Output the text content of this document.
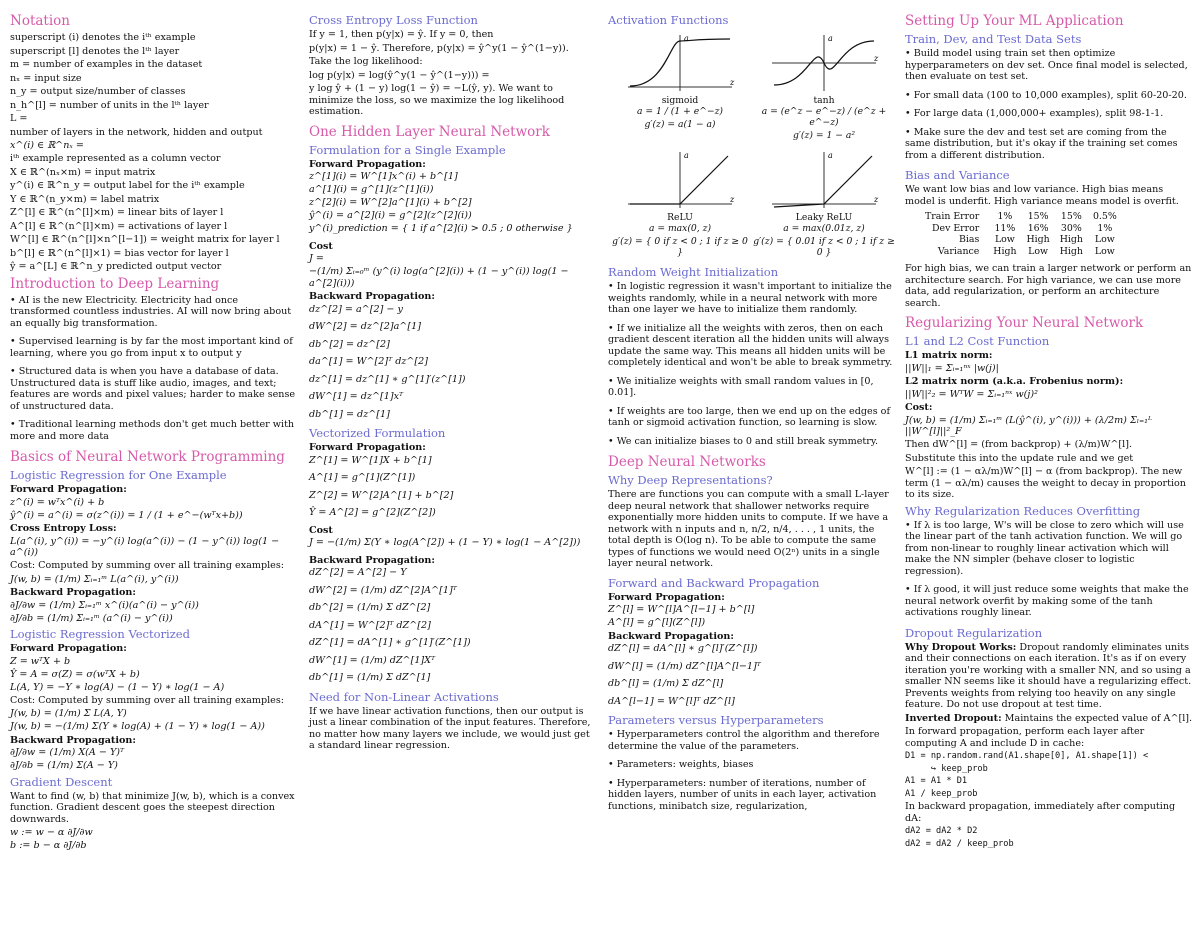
Notation
superscript (i) denotes the iᵗʰ example
superscript [l] denotes the lᵗʰ layer
m = number of examples in the dataset
nₓ = input size
n_y = output size/number of classes
n_h^[l] = number of units in the lᵗʰ layer
L =
number of layers in the network, hidden and output
x^(i) ∈ ℝ^nₓ =
iᵗʰ example represented as a column vector
X ∈ ℝ^(nₓ×m) = input matrix
y^(i) ∈ ℝ^n_y = output label for the iᵗʰ example
Y ∈ ℝ^(n_y×m) = label matrix
Z^[l] ∈ ℝ^(n^[l]×m) = linear bits of layer l
A^[l] ∈ ℝ^(n^[l]×m) = activations of layer l
W^[l] ∈ ℝ^(n^[l]×n^[l−1]) = weight matrix for layer l
b^[l] ∈ ℝ^(n^[l]×1) = bias vector for layer l
ŷ = a^[L] ∈ ℝ^n_y predicted output vector
Introduction to Deep Learning
• AI is the new Electricity. Electricity had once transformed countless industries. AI will now bring about an equally big transformation.
• Supervised learning is by far the most important kind of learning, where you go from input x to output y
• Structured data is when you have a database of data. Unstructured data is stuff like audio, images, and text; features are words and pixel values; harder to make sense of unstructured data.
• Traditional learning methods don't get much better with more and more data
Basics of Neural Network Programming
Logistic Regression for One Example
Forward Propagation:
z^(i) = wᵀx^(i) + b
ŷ^(i) = a^(i) = σ(z^(i)) = 1 / (1 + e^−(wᵀx+b))
Cross Entropy Loss:
L(a^(i), y^(i)) = −y^(i) log(a^(i)) − (1 − y^(i)) log(1 − a^(i))
Cost: Computed by summing over all training examples:
J(w, b) = (1/m) Σᵢ₌₁ᵐ L(a^(i), y^(i))
Backward Propagation:
∂J/∂w = (1/m) Σᵢ₌₁ᵐ x^(i)(a^(i) − y^(i))
∂J/∂b = (1/m) Σᵢ₌₁ᵐ (a^(i) − y^(i))
Logistic Regression Vectorized
Forward Propagation:
Z = wᵀX + b
Ŷ = A = σ(Z) = σ(wᵀX + b)
L(A, Y) = −Y ∗ log(A) − (1 − Y) ∗ log(1 − A)
Cost: Computed by summing over all training examples:
J(w, b) = (1/m) Σ L(A, Y)
J(w, b) = −(1/m) Σ(Y ∗ log(A) + (1 − Y) ∗ log(1 − A))
Backward Propagation:
∂J/∂w = (1/m) X(A − Y)ᵀ
∂J/∂b = (1/m) Σ(A − Y)
Gradient Descent
Want to find (w, b) that minimize J(w, b), which is a convex function. Gradient descent goes the steepest direction downwards.
w := w − α ∂J/∂w
b := b − α ∂J/∂b
Cross Entropy Loss Function
If y = 1, then p(y|x) = ŷ. If y = 0, then
p(y|x) = 1 − ŷ. Therefore, p(y|x) = ŷ^y(1 − ŷ^(1−y)).
Take the log likelihood:
log p(y|x) = log(ŷ^y(1 − ŷ^(1−y))) =
y log ŷ + (1 − y) log(1 − ŷ) = −L(ŷ, y). We want to minimize the loss, so we maximize the log likelihood estimation.
One Hidden Layer Neural Network
Formulation for a Single Example
Forward Propagation:
z^[1](i) = W^[1]x^(i) + b^[1]
a^[1](i) = g^[1](z^[1](i))
z^[2](i) = W^[2]a^[1](i) + b^[2]
ŷ^(i) = a^[2](i) = g^[2](z^[2](i))
y^(i)_prediction = { 1 if a^[2](i) > 0.5 ; 0 otherwise }
Cost
J =
−(1/m) Σᵢ₌₀ᵐ (y^(i) log(a^[2](i)) + (1 − y^(i)) log(1 − a^[2](i)))
Backward Propagation:
dz^[2] = a^[2] − y
dW^[2] = dz^[2]a^[1]
db^[2] = dz^[2]
da^[1] = W^[2]ᵀ dz^[2]
dz^[1] = dz^[1] ∗ g^[1]′(z^[1])
dW^[1] = dz^[1]xᵀ
db^[1] = dz^[1]
Vectorized Formulation
Forward Propagation:
Z^[1] = W^[1]X + b^[1]
A^[1] = g^[1](Z^[1])
Z^[2] = W^[2]A^[1] + b^[2]
Ŷ = A^[2] = g^[2](Z^[2])
Cost
J = −(1/m) Σ(Y ∗ log(A^[2]) + (1 − Y) ∗ log(1 − A^[2]))
Backward Propagation:
dZ^[2] = A^[2] − Y
dW^[2] = (1/m) dZ^[2]A^[1]ᵀ
db^[2] = (1/m) Σ dZ^[2]
dA^[1] = W^[2]ᵀ dZ^[2]
dZ^[1] = dA^[1] ∗ g^[1]′(Z^[1])
dW^[1] = (1/m) dZ^[1]Xᵀ
db^[1] = (1/m) Σ dZ^[1]
Need for Non-Linear Activations
If we have linear activation functions, then our output is just a linear combination of the input features. Therefore, no matter how many layers we include, we would just get a standard linear regression.
Activation Functions
a
z
sigmoid
a = 1 / (1 + e^−z)
g′(z) = a(1 − a)
a
z
tanh
a = (e^z − e^−z) / (e^z + e^−z)
g′(z) = 1 − a²
a
z
ReLU
a = max(0, z)
g′(z) = { 0 if z < 0 ; 1 if z ≥ 0 }
a
z
Leaky ReLU
a = max(0.01z, z)
g′(z) = { 0.01 if z < 0 ; 1 if z ≥ 0 }
Random Weight Initialization
• In logistic regression it wasn't important to initialize the weights randomly, while in a neural network with more than one layer we have to initialize them randomly.
• If we initialize all the weights with zeros, then on each gradient descent iteration all the hidden units will always update the same way. This means all hidden units will be completely identical and won't be able to break symmetry.
• We initialize weights with small random values in [0, 0.01].
• If weights are too large, then we end up on the edges of tanh or sigmoid activation function, so learning is slow.
• We can initialize biases to 0 and still break symmetry.
Deep Neural Networks
Why Deep Representations?
There are functions you can compute with a small L-layer deep neural network that shallower networks require exponentially more hidden units to compute. If we have a network with n inputs and n, n/2, n/4, . . . , 1 units, the total depth is O(log n). To be able to compute the same types of functions we would need O(2ⁿ) units in a single layer neural network.
Forward and Backward Propagation
Forward Propagation:
Z^[l] = W^[l]A^[l−1] + b^[l]
A^[l] = g^[l](Z^[l])
Backward Propagation:
dZ^[l] = dA^[l] ∗ g^[l]′(Z^[l])
dW^[l] = (1/m) dZ^[l]A^[l−1]ᵀ
db^[l] = (1/m) Σ dZ^[l]
dA^[l−1] = W^[l]ᵀ dZ^[l]
Parameters versus Hyperparameters
• Hyperparameters control the algorithm and therefore determine the value of the parameters.
• Parameters: weights, biases
• Hyperparameters: number of iterations, number of hidden layers, number of units in each layer, activation functions, minibatch size, regularization,
Setting Up Your ML Application
Train, Dev, and Test Data Sets
• Build model using train set then optimize hyperparameters on dev set. Once final model is selected, then evaluate on test set.
• For small data (100 to 10,000 examples), split 60-20-20.
• For large data (1,000,000+ examples), split 98-1-1.
• Make sure the dev and test set are coming from the same distribution, but it's okay if the training set comes from a different distribution.
Bias and Variance
We want low bias and low variance. High bias means model is underfit. High variance means model is overfit.
Train Error	1%	15%	15%	0.5%
Dev Error	11%	16%	30%	1%
Bias	Low	High	High	Low
Variance	High	Low	High	Low
For high bias, we can train a larger network or perform an architecture search. For high variance, we can use more data, add regularization, or perform an architecture search.
Regularizing Your Neural Network
L1 and L2 Cost Function
L1 matrix norm:
||W||₁ = Σᵢ₌₁ⁿˣ |w(j)|
L2 matrix norm (a.k.a. Frobenius norm):
||W||²₂ = WᵀW = Σᵢ₌₁ⁿˣ w(j)²
Cost:
J(w, b) = (1/m) Σᵢ₌₁ᵐ (L(ŷ^(i), y^(i))) + (λ/2m) Σₗ₌₁ᴸ ||W^[l]||²_F
Then dW^[l] = (from backprop) + (λ/m)W^[l].
Substitute this into the update rule and we get
W^[l] := (1 − αλ/m)W^[l] − α (from backprop). The new term (1 − αλ/m) causes the weight to decay in proportion to its size.
Why Regularization Reduces Overfitting
• If λ is too large, W's will be close to zero which will use the linear part of the tanh activation function. We will go from non-linear to roughly linear activation which will make the NN simpler (behave closer to logistic regression).
• If λ good, it will just reduce some weights that make the neural network overfit by making some of the tanh activations roughly linear.
Dropout Regularization
Why Dropout Works: Dropout randomly eliminates units and their connections on each iteration. It's as if on every iteration you're working with a smaller NN, and so using a smaller NN seems like it should have a regularizing effect. Prevents weights from relying too heavily on any single feature. Do not use dropout at test time.
Inverted Dropout: Maintains the expected value of A^[l].
In forward propagation, perform each layer after computing A and include D in cache:
D1 = np.random.rand(A1.shape[0], A1.shape[1]) <
↪ keep_prob
A1 = A1 * D1
A1 / keep_prob
In backward propagation, immediately after computing dA:
dA2 = dA2 * D2
dA2 = dA2 / keep_prob
